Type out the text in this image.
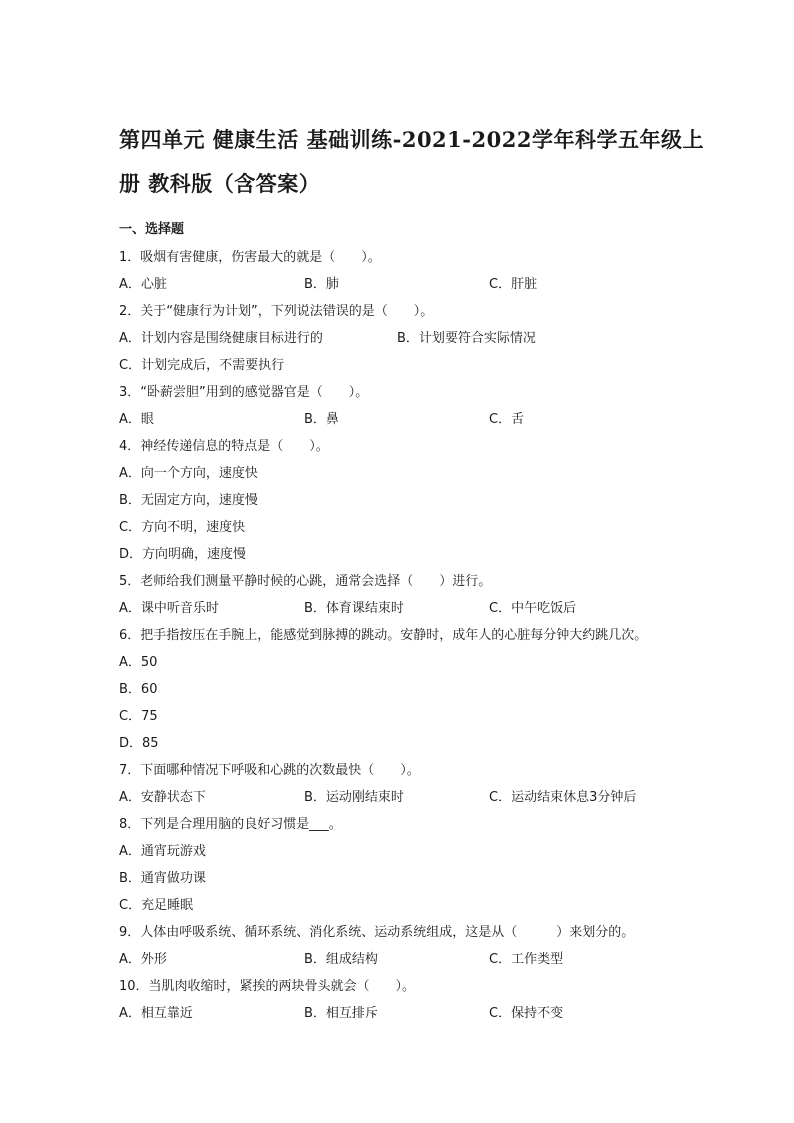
第四单元 健康生活 基础训练-2021-2022学年科学五年级上
册 教科版（含答案）
一、选择题
1．吸烟有害健康，伤害最大的就是（　　）。
A．心脏	B．肺	C．肝脏
2．关于“健康行为计划”，下列说法错误的是（　　）。
A．计划内容是围绕健康目标进行的	B．计划要符合实际情况
C．计划完成后，不需要执行
3．“卧薪尝胆”用到的感觉器官是（　　）。
A．眼	B．鼻	C．舌
4．神经传递信息的特点是（　　）。
A．向一个方向，速度快
B．无固定方向，速度慢
C．方向不明，速度快
D．方向明确，速度慢
5．老师给我们测量平静时候的心跳，通常会选择（　　）进行。
A．课中听音乐时	B．体育课结束时	C．中午吃饭后
6．把手指按压在手腕上，能感觉到脉搏的跳动。安静时，成年人的心脏每分钟大约跳几次。
A．50
B．60
C．75
D．85
7．下面哪种情况下呼吸和心跳的次数最快（　　）。
A．安静状态下	B．运动刚结束时	C．运动结束休息3分钟后
8．下列是合理用脑的良好习惯是___。
A．通宵玩游戏
B．通宵做功课
C．充足睡眠
9．人体由呼吸系统、循环系统、消化系统、运动系统组成，这是从（　　　）来划分的。
A．外形	B．组成结构	C．工作类型
10．当肌肉收缩时，紧挨的两块骨头就会（　　）。
A．相互靠近	B．相互排斥	C．保持不变
